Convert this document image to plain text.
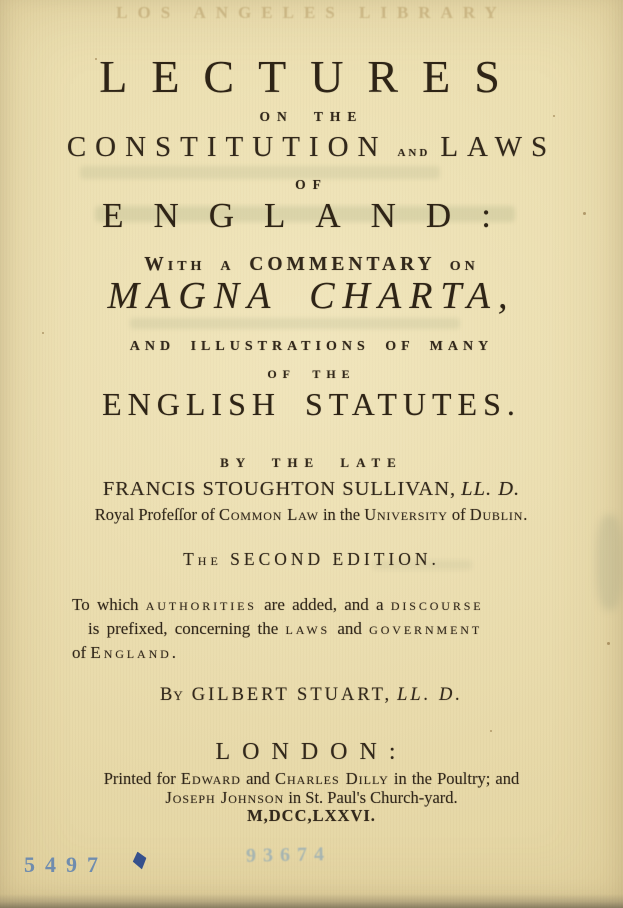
LOS ANGELES LIBRARY
LECTURES
ON THE
CONSTITUTION and LAWS
OF
ENGLAND:
With a COMMENTARY on
MAGNA CHARTA,
AND ILLUSTRATIONS OF MANY
OF THE
ENGLISH STATUTES.
BY THE LATE
FRANCIS STOUGHTON SULLIVAN, LL. D.
Royal Profeſſor of Common Law in the University of Dublin.
The SECOND EDITION.
To which authorities are added, and a discourse
is prefixed, concerning the laws and government
of England.
By GILBERT STUART, LL. D.
LONDON:
Printed for Edward and Charles Dilly in the Poultry; and
Joseph Johnson in St. Paul's Church-yard.
M,DCC,LXXVI.
5497	93674
